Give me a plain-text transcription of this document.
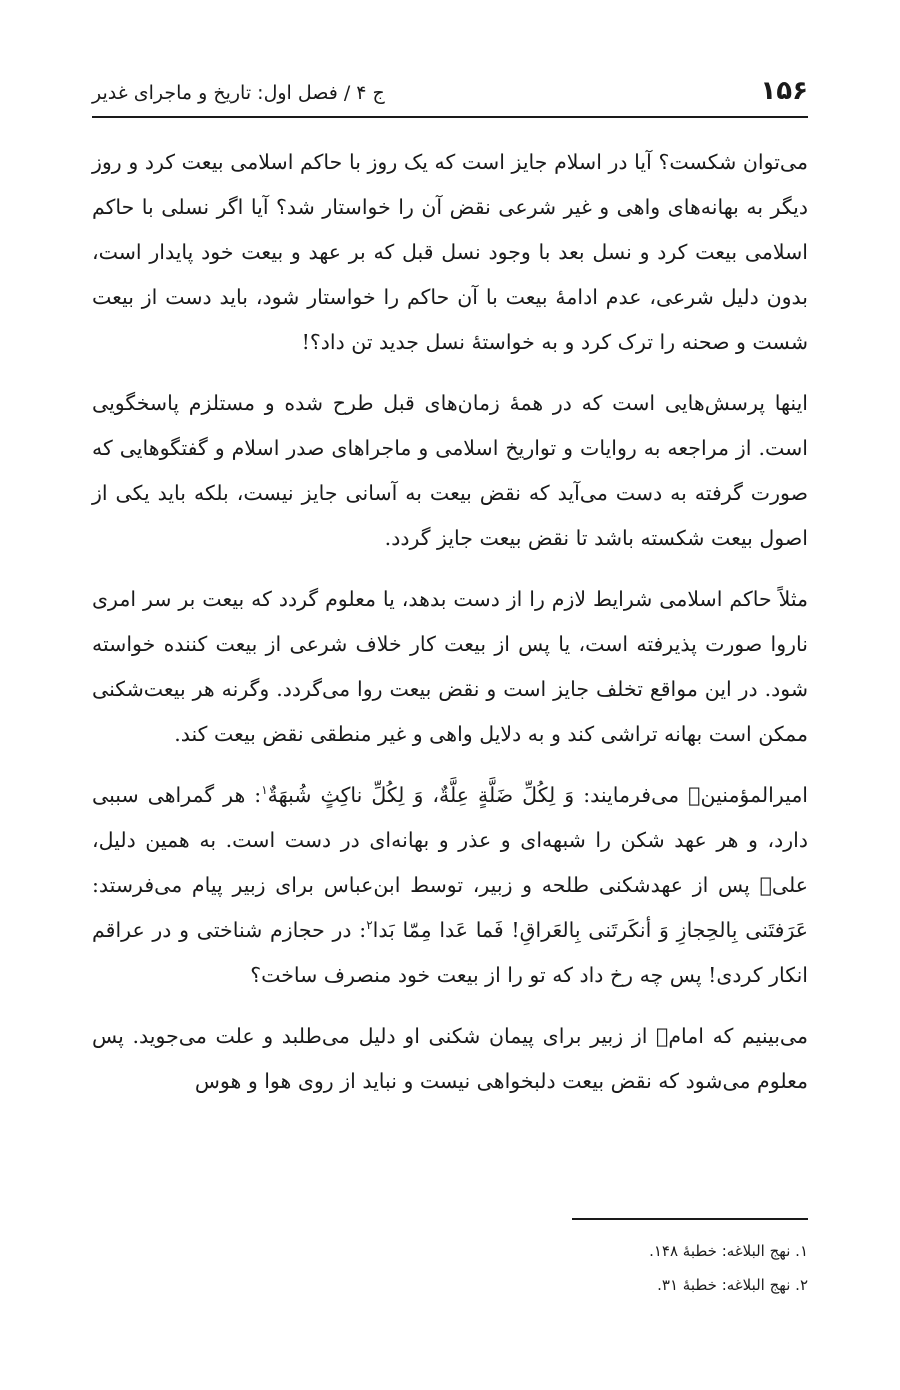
۱۵۶
ج ۴ / فصل اول: تاریخ و ماجرای غدیر

می‌توان شکست؟ آیا در اسلام جایز است که یک روز با حاکم اسلامی بیعت کرد و روز دیگر به بهانه‌های واهی و غیر شرعی نقض آن را خواستار شد؟ آیا اگر نسلی با حاکم اسلامی بیعت کرد و نسل بعد با وجود نسل قبل که بر عهد و بیعت خود پایدار است، بدون دلیل شرعی، عدم ادامهٔ بیعت با آن حاکم را خواستار شود، باید دست از بیعت شست و صحنه را ترک کرد و به خواستهٔ نسل جدید تن داد؟!

اینها پرسش‌هایی است که در همهٔ زمان‌های قبل طرح شده و مستلزم پاسخگویی است. از مراجعه به روایات و تواریخ اسلامی و ماجراهای صدر اسلام و گفتگوهایی که صورت گرفته به دست می‌آید که نقض بیعت به آسانی جایز نیست، بلکه باید یکی از اصول بیعت شکسته باشد تا نقض بیعت جایز گردد.

مثلاً حاکم اسلامی شرایط لازم را از دست بدهد، یا معلوم گردد که بیعت بر سر امری ناروا صورت پذیرفته است، یا پس از بیعت کار خلاف شرعی از بیعت کننده خواسته شود. در این مواقع تخلف جایز است و نقض بیعت روا می‌گردد. وگرنه هر بیعت‌شکنی ممکن است بهانه تراشی کند و به دلایل واهی و غیر منطقی نقض بیعت کند.

امیرالمؤمنین﷣ می‌فرمایند: وَ لِکُلِّ ضَلَّةٍ عِلَّةٌ، وَ لِکُلِّ ناکِثٍ شُبهَةٌ$^۱$: هر گمراهی سببی دارد، و هر عهد شکن را شبهه‌ای و عذر و بهانه‌ای در دست است. به همین دلیل، علی﷣ پس از عهدشکنی طلحه و زبیر، توسط ابن‌عباس برای زبیر پیام می‌فرستد: عَرَفتَنی بِالحِجازِ وَ أنکَرتَنی بِالعَراقِ! فَما عَدا مِمّا بَدا$^۲$: در حجازم شناختی و در عراقم انکار کردی! پس چه رخ داد که تو را از بیعت خود منصرف ساخت؟

می‌بینیم که امام﷣ از زبیر برای پیمان شکنی او دلیل می‌طلبد و علت می‌جوید. پس معلوم می‌شود که نقض بیعت دلبخواهی نیست و نباید از روی هوا و هوس

۱. نهج البلاغه: خطبهٔ ۱۴۸.
۲. نهج البلاغه: خطبهٔ ۳۱.
